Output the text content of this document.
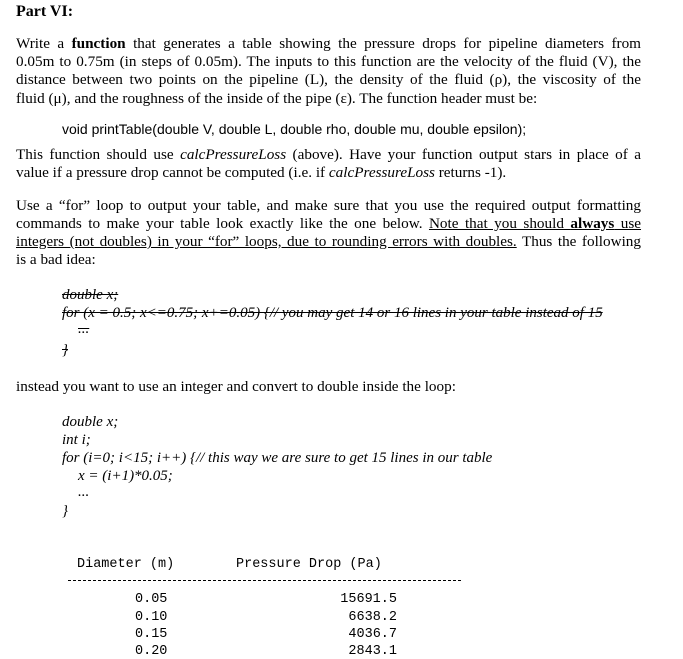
Part VI:
Write a function that generates a table showing the pressure drops for pipeline diameters from
0.05m to 0.75m (in steps of 0.05m). The inputs to this function are the velocity of the fluid (V), the
distance between two points on the pipeline (L), the density of the fluid (ρ), the viscosity of the
fluid (μ), and the roughness of the inside of the pipe (ε). The function header must be:
void printTable(double V, double L, double rho, double mu, double epsilon);
This function should use calcPressureLoss (above). Have your function output stars in place of a
value if a pressure drop cannot be computed (i.e. if calcPressureLoss returns -1).
Use a “for” loop to output your table, and make sure that you use the required output formatting
commands to make your table look exactly like the one below. Note that you should always use
integers (not doubles) in your “for” loops, due to rounding errors with doubles. Thus the following
is a bad idea:
double x;
for (x = 0.5; x<=0.75; x+=0.05) {// you may get 14 or 16 lines in your table instead of 15
...
}
instead you want to use an integer and convert to double inside the loop:
double x;
int i;
for (i=0; i<15; i++) {// this way we are sure to get 15 lines in our table
x = (i+1)*0.05;
...
}
Diameter (m)	Pressure Drop (Pa)
0.05	15691.5
0.10	6638.2
0.15	4036.7
0.20	2843.1
